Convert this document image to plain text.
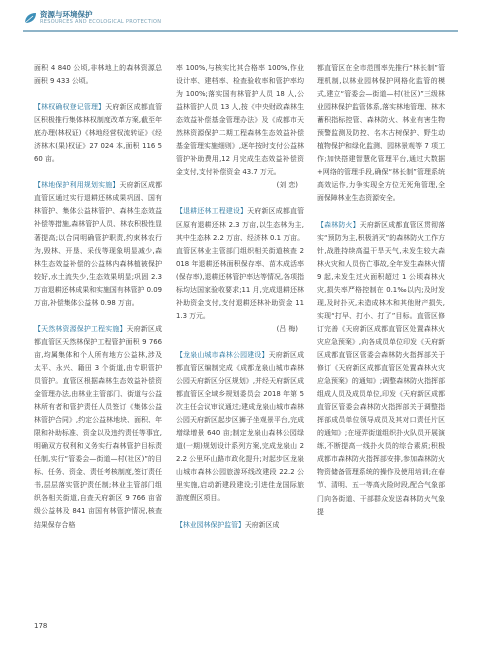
资源与环境保护
RESOURCES AND ECOLOGICAL PROTECTION

面积 4 840 公顷,非林地上的森林资源总面积 9 433 公顷。

【林权确权登记管理】天府新区成都直管区积极推行集体林权制度改革方案,截至年底办理(林权证)《林地经营权流转证》《经济林木(果)权证》27 024 本,面积 116 560 亩。

【林地保护利用规划实施】天府新区成都直管区通过实行退耕还林成果巩固、国有林管护、集体公益林管护、森林生态效益补偿等措施,森林管护人员、林农积极性显著提高;以合同明确管护职责,约束林农行为,毁林、开垦、采伐等现象明显减少,森林生态效益补偿的公益林内森林植被保护较好,水土流失少,生态效果明显;巩固 2.3万亩退耕还林成果和实施国有林管护 0.09 万亩,补偿集体公益林 0.98 万亩。

【天然林资源保护工程实施】天府新区成都直管区天然林保护工程管护面积 9 766 亩,均属集体和个人所有地方公益林,涉及太平、永兴、籍田 3 个街道,由专职管护员管护。直管区根据森林生态效益补偿资金管理办法,由林业主管部门、街道与公益林所有者和管护责任人员签订《集体公益林管护合同》,约定公益林地块、面积、年限和补助标准、资金以及违约责任等事宜,明确双方权利和义务实行森林管护目标责任制,实行“管委会—街道—村(社区)”的目标、任务、资金、责任考核制度,签订责任书,层层落实管护责任制;林业主管部门组织各相关街道,自查天府新区 9 766 亩省级公益林及 841 亩国有林管护情况,核查结果保存合格

率 100%,与核实比其合格率 100%,作业设计率、建档率、检查验收率和管护率均为 100%;落实国有林管护人员 18 人,公益林管护人员 13 人,按《中央财政森林生态效益补偿基金管理办法》及《成都市天然林资源保护二期工程森林生态效益补偿基金管理实施细则》,逐年按时支付公益林管护补助费用,12 月完成生态效益补偿资金支付,支付补偿资金 43.7 万元。

(刘 恋)

【退耕还林工程建设】天府新区成都直管区原有退耕还林 2.3 万亩,以生态林为主,其中生态林 2.2 万亩、经济林 0.1 万亩。直管区林业主管部门组织相关街道核查 2018 年退耕还林面积保存率、苗木成活率(保存率),退耕还林管护率达等情况,各项指标均达国家验收要求;11 月,完成退耕还林补助资金支付,支付退耕还林补助资金 111.3 万元。

(吕 梅)

【龙泉山城市森林公园建设】天府新区成都直管区编制完成《成都龙泉山城市森林公园天府新区分区规划》,并经天府新区成都直管区全域乡规划委员会 2018 年第 5 次主任会议审议通过;建成龙泉山城市森林公园天府新区起步区狮子坐观景平台,完成增绿增景 640 亩;制定龙泉山森林公园绿道(一期)规划设计系列方案,完成龙泉山 22.2 公里环山路市政化提升;对起步区龙泉山城市森林公园旅游环线改建段 22.2 公里实施,启动新建段建设;引进佳龙国际旅游度假区项目。

【林业园林保护监管】天府新区成

都直管区在全市范围率先推行“林长制”管理机制,以林业园林保护网格化监管的模式,建立“管委会—街道—村(社区)”三级林业园林保护监管体系,落实林地管理、林木蓄积指标控管、森林防火、林业有害生物预警监测及防控、名木古树保护、野生动植物保护和绿化监测、园林景观等 7 项工作;加快搭建智慧化管理平台,通过大数据+网络的管理手段,确保“林长制”管理系统高效运作,力争实现全方位无死角管理,全面保障林业生态资源安全。

【森林防火】天府新区成都直管区贯彻落实“预防为主,积极消灭”的森林防火工作方针,战胜持续高温干旱天气,未发生较大森林火灾和人员伤亡事故,全年发生森林火情 9 起,未发生过火面积超过 1 公顷森林火灾,损失率严格控制在 0.1‰以内;及时发现,及时扑灭,未造成林木和其他财产损失,实现“打早、打小、打了”目标。直管区修订完善《天府新区成都直管区处置森林火灾应急预案》,向各成员单位印发《天府新区成都直管区管委会森林防火指挥部关于修订《天府新区成都直管区处置森林火灾应急预案》的通知》;调整森林防火指挥部组成人员及成员单位,印发《天府新区成都直管区管委会森林防火指挥部关于调整指挥部成员单位领导成员及其对口责任片区的通知》;在垭弄街道组织扑火队员开展演练,不断提高一线扑火员的综合素质;积极成都市森林防火指挥部安排,参加森林防火物资储备管理系统的操作及使用培训;在春节、清明、五一等高火险时段,配合气象部门向各街道、干部群众发送森林防火气象提

178
